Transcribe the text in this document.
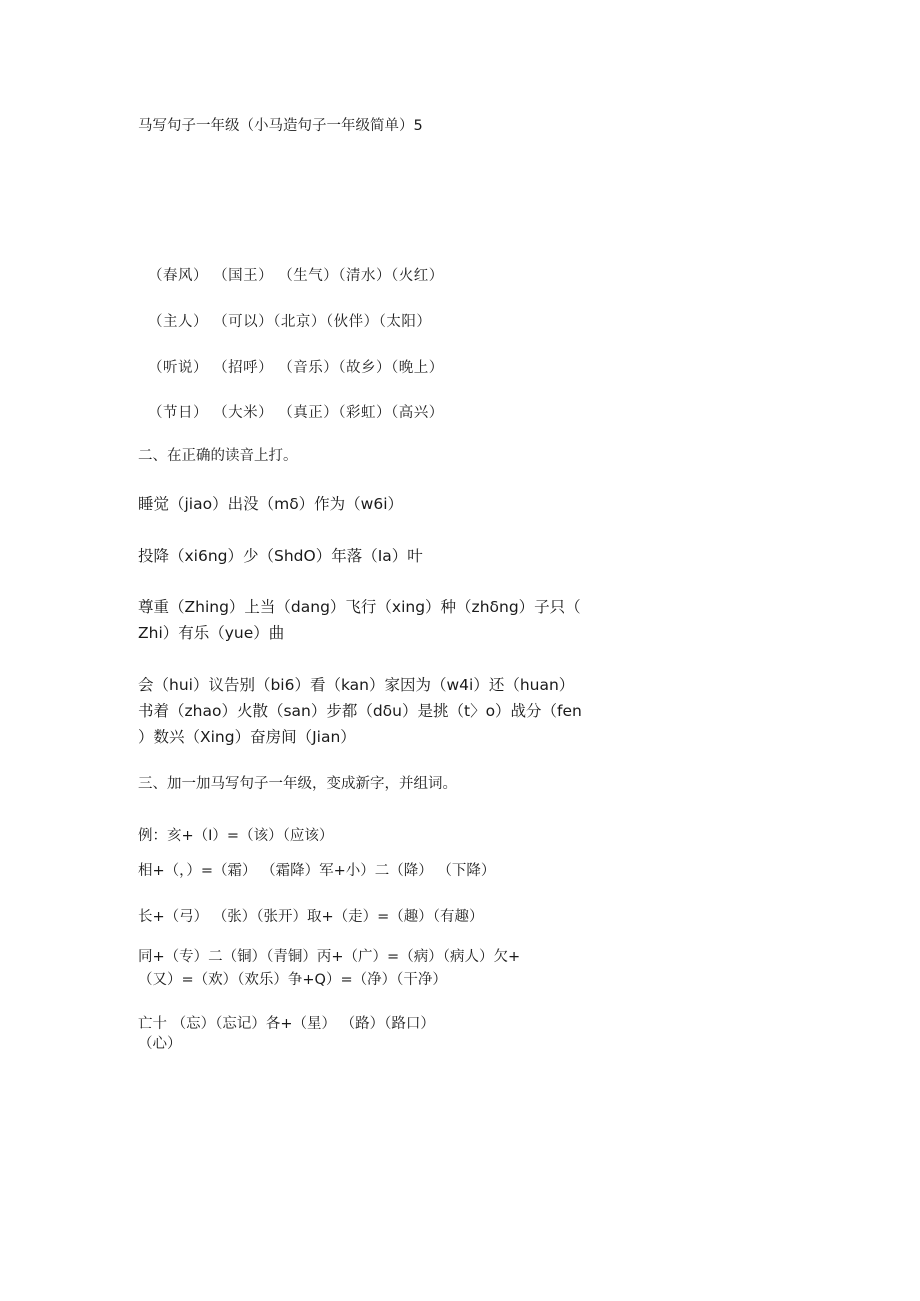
马写句子一年级（小马造句子一年级简单）5
（春风） （国王） （生气）（清水）（火红）
（主人） （可以）（北京）（伙伴）（太阳）
（听说） （招呼） （音乐）（故乡）（晚上）
（节日） （大米） （真正）（彩虹）（高兴）
二、在正确的读音上打。
睡觉（jiao）出没（mδ）作为（w6i）
投降（xi6ng）少（ShdO）年落（Ia）叶
尊重（Zhing）上当（dang）飞行（xing）种（zhδng）子只（
Zhi）有乐（yue）曲
会（hui）议告别（bi6）看（kan）家因为（w4i）还（huan）
书着（zhao）火散（san）步都（dδu）是挑（t〉o）战分（fen
）数兴（Xing）奋房间（Jian）
三、加一加马写句子一年级，变成新字，并组词。
例：亥+（I）=（该）（应该）
相+（，）=（霜） （霜降）军+小）二（降） （下降）
长+（弓） （张）（张开）取+（走）=（趣）（有趣）
同+（专）二（铜）（青铜）丙+（广）=（病）（病人）欠+
（又）=（欢）（欢乐）争+Q）=（净）（干净）
亡十 （忘）（忘记）各+（星） （路）（路口）
（心）
